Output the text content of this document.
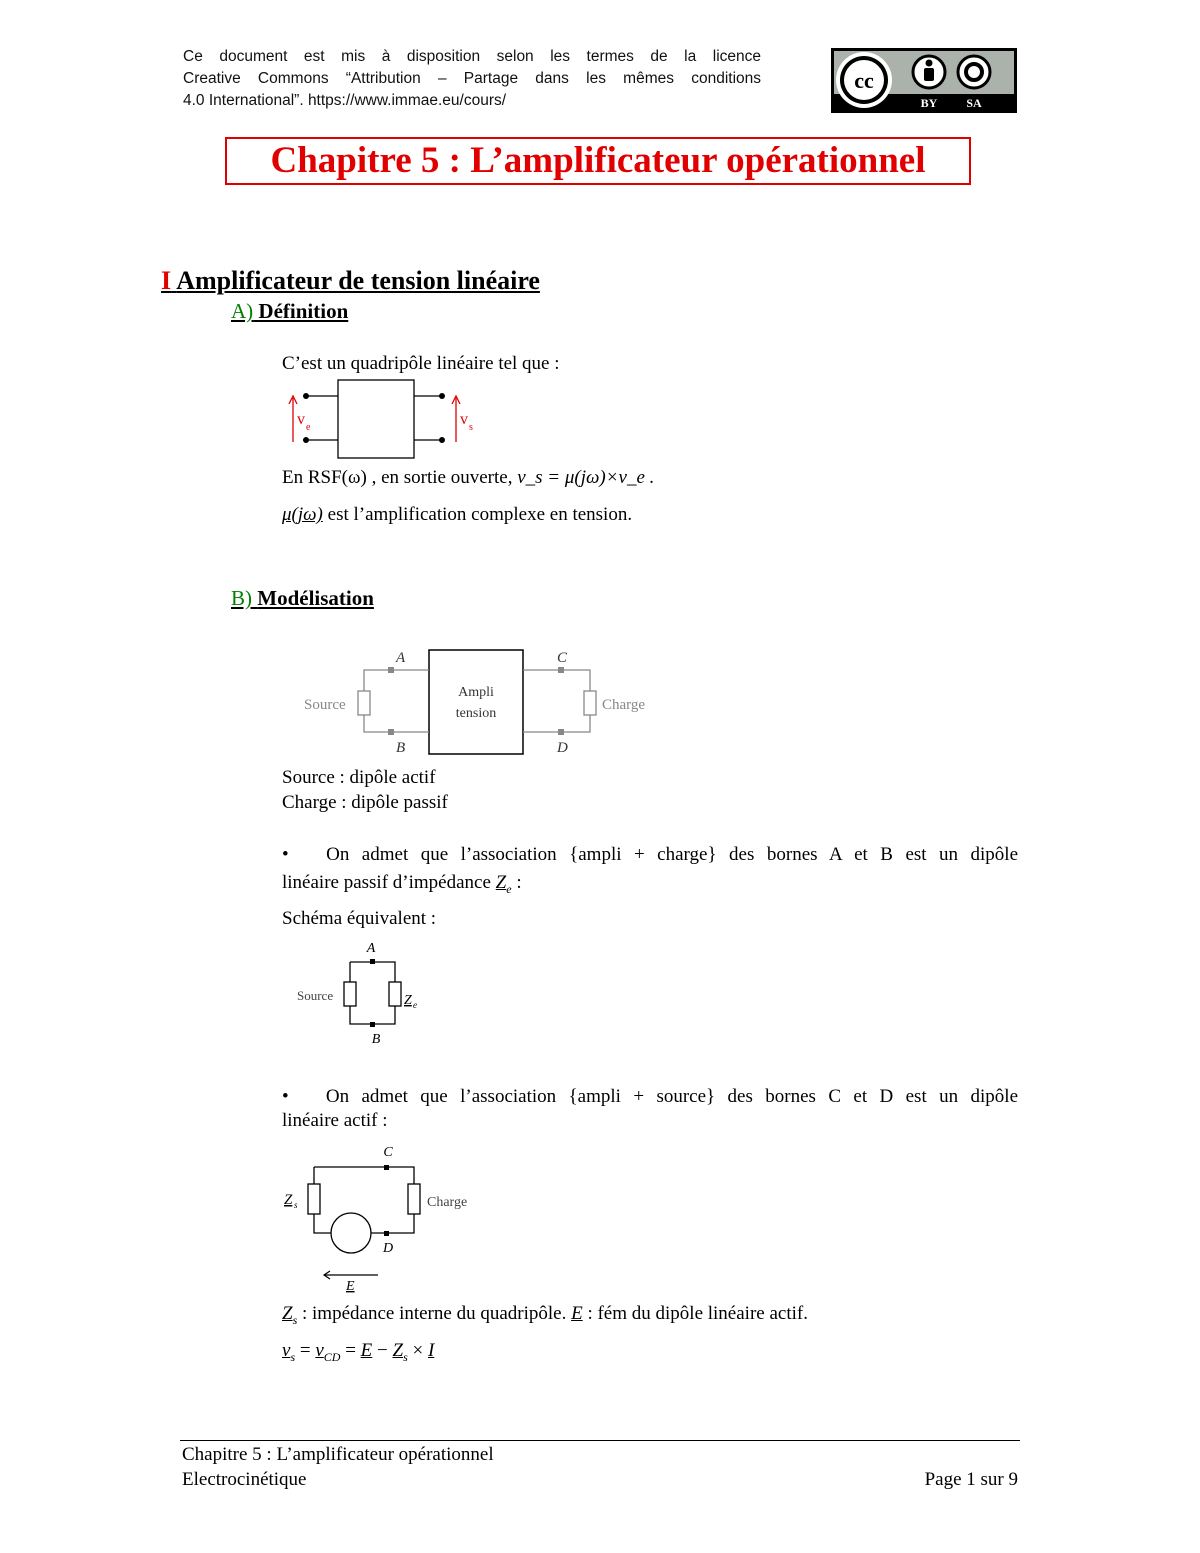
Ce document est mis à disposition selon les termes de la licence
Creative Commons “Attribution – Partage dans les mêmes conditions
4.0 International”. https://www.immae.eu/cours/
cc
BY SA
Chapitre 5 : L’amplificateur opérationnel
I Amplificateur de tension linéaire
A) Définition
C’est un quadripôle linéaire tel que :
v e	v s
En RSF(ω) , en sortie ouverte, v_s = μ(jω)×v_e .
μ(jω) est l’amplification complexe en tension.
B) Modélisation
Ampli
tension
Source	Charge
A
B
C
D
Source : dipôle actif
Charge : dipôle passif
• On admet que l’association {ampli + charge} des bornes A et B est un dipôle
linéaire passif d’impédance $Z_e$ :
Schéma équivalent :
A
B
Source	Z e
• On admet que l’association {ampli + source} des bornes C et D est un dipôle
linéaire actif :
C
D
Z s	Charge
E
$Z_s$ : impédance interne du quadripôle. E : fém du dipôle linéaire actif.
$v_s = v_{CD} = E - Z_s \times I$
Chapitre 5 : L’amplificateur opérationnel
Electrocinétique	Page 1 sur 9
